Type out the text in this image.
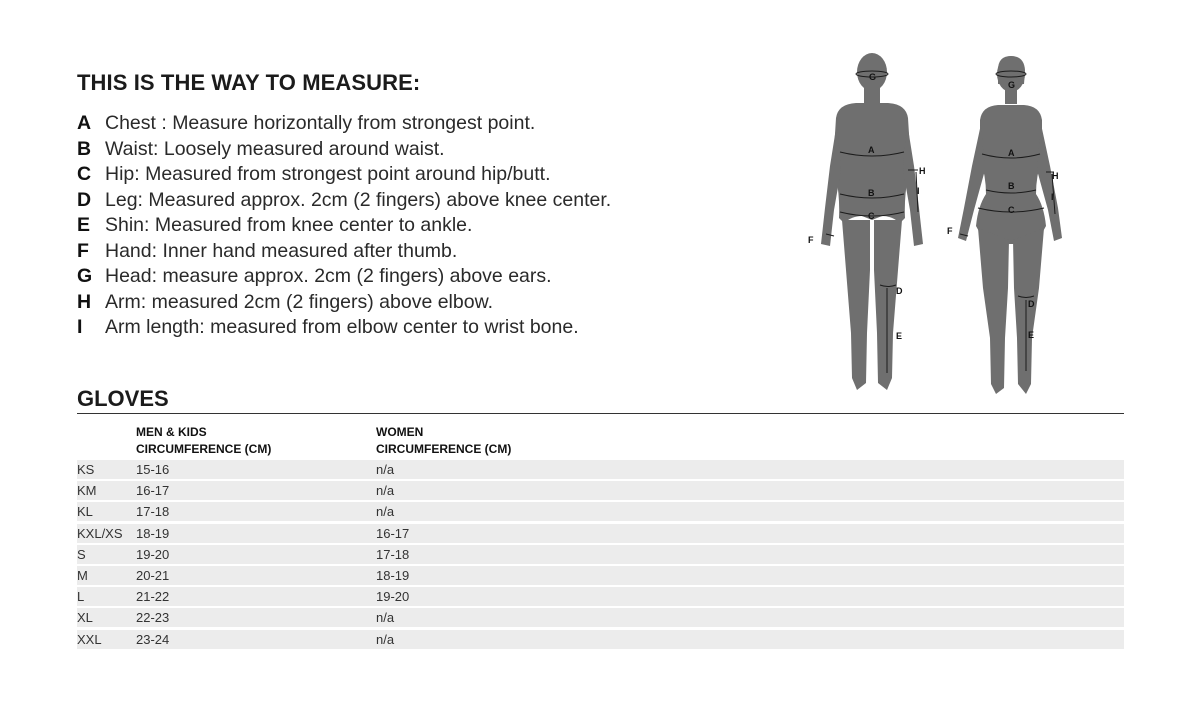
THIS IS THE WAY TO MEASURE:
A Chest : Measure horizontally from strongest point.
B Waist: Loosely measured around waist.
C Hip: Measured from strongest point around hip/butt.
D Leg: Measured approx. 2cm (2 fingers) above knee center.
E Shin: Measured from knee center to ankle.
F Hand: Inner hand measured after thumb.
G Head: measure approx. 2cm (2 fingers) above ears.
H Arm: measured 2cm (2 fingers) above elbow.
I Arm length: measured from elbow center to wrist bone.
G
A
H
I
B
C
F
D
E
G
A
H
I
B
C
F
D
E
GLOVES
MEN & KIDS
CIRCUMFERENCE (CM)
WOMEN
CIRCUMFERENCE (CM)
KS	15-16	n/a
KM	16-17	n/a
KL	17-18	n/a
KXL/XS 18-19	16-17
S	19-20	17-18
M	20-21	18-19
L	21-22	19-20
XL	22-23	n/a
XXL	23-24	n/a
